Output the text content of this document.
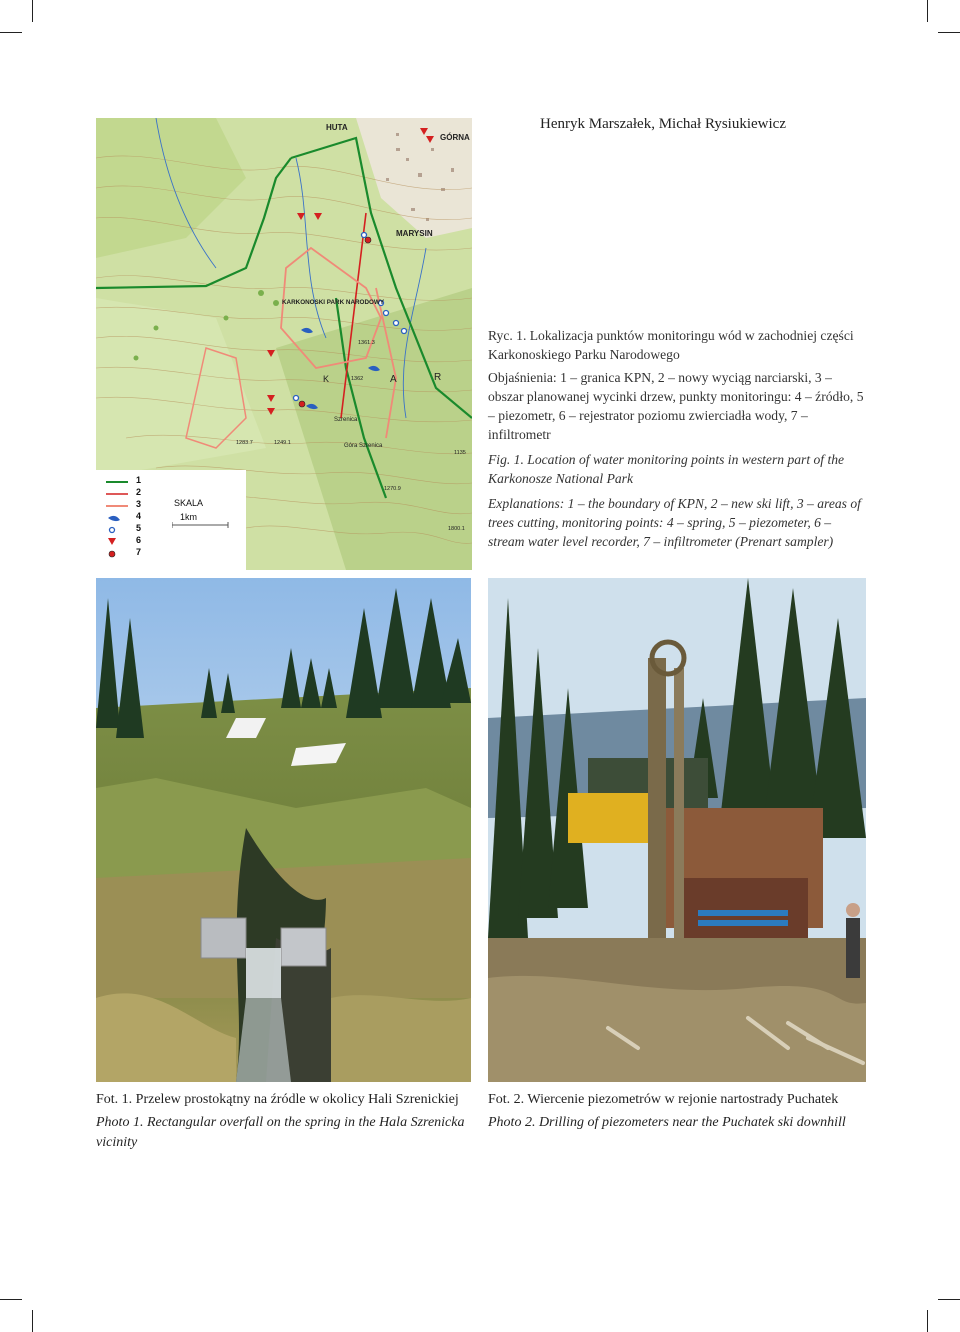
Henryk Marszałek, Michał Rysiukiewicz
HUTA
GÓRNA
MARYSIN
KARKONOSKI PARK NARODOWY
R
A
K
Szrenica
Góra Szrenica
1361.3
1362
1283.7	1249.1
1270.9
1800.1
1135
1
2
3
4
5
6
7
SKALA
1km

Ryc. 1. Lokalizacja punktów monitoringu wód w zachodniej części Karkonoskiego Parku Narodowego

Objaśnienia: 1 – granica KPN, 2 – nowy wyciąg narciarski, 3 – obszar planowanej wycinki drzew, punkty monitoringu: 4 – źródło, 5 – piezometr, 6 – rejestrator poziomu zwierciadła wody, 7 – infiltrometr

Fig. 1. Location of water monitoring points in western part of the Karkonosze National Park

Explanations: 1 – the boundary of KPN, 2 – new ski lift, 3 – areas of trees cutting, monitoring points: 4 – spring, 5 – piezometer, 6 – stream water level recorder, 7 – infiltrometer (Prenart sampler)

Fot. 1. Przelew prostokątny na źródle w okolicy Hali Szrenickiej

Photo 1. Rectangular overfall on the spring in the Hala Szrenicka vicinity

Fot. 2. Wiercenie piezometrów w rejonie nartostrady Puchatek

Photo 2. Drilling of piezometers near the Puchatek ski downhill
